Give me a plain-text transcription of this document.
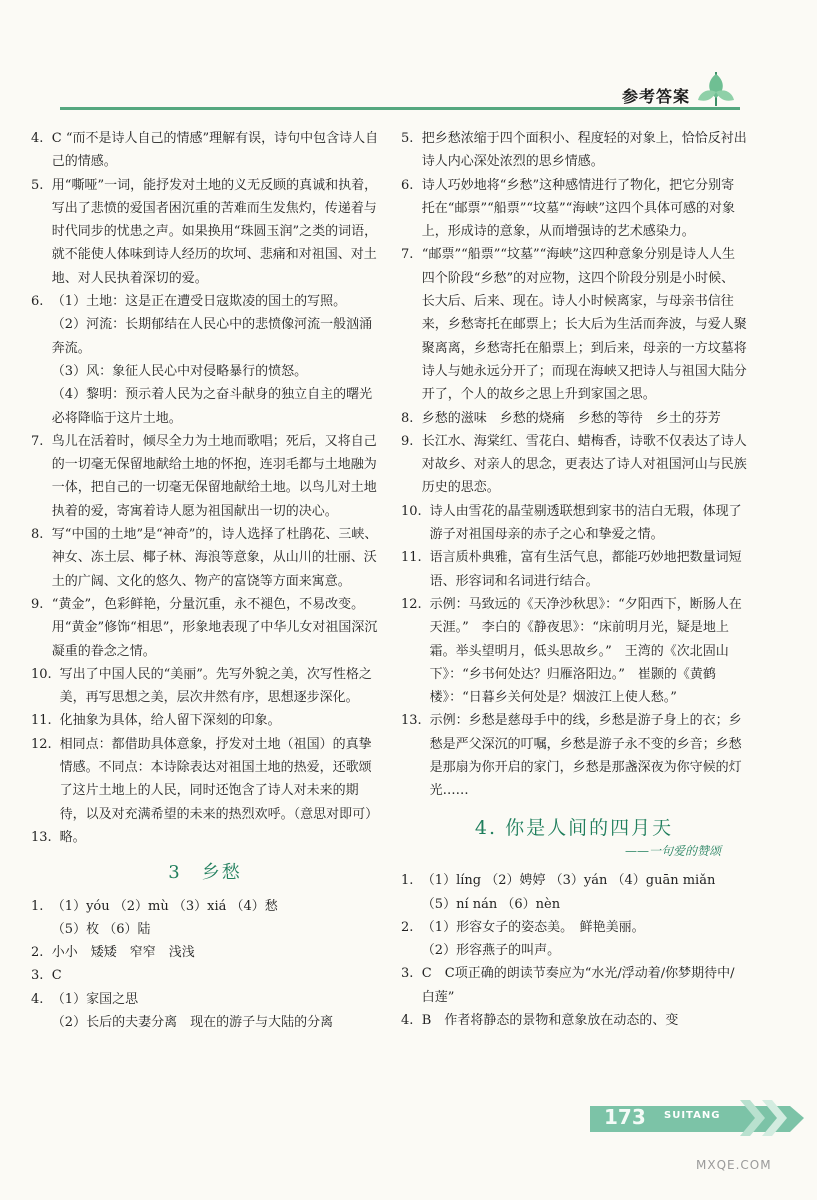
参考答案
4. C “而不是诗人自己的情感”理解有误，诗句中包含诗人自己的情感。
5. 用“嘶哑”一词，能抒发对土地的义无反顾的真诚和执着，写出了悲愤的爱国者困沉重的苦难而生发焦灼，传递着与时代同步的忧患之声。如果换用“珠圆玉润”之类的词语，就不能使人体味到诗人经历的坎坷、悲痛和对祖国、对土地、对人民执着深切的爱。
6. （1）土地：这是正在遭受日寇欺凌的国土的写照。
（2）河流：长期郁结在人民心中的悲愤像河流一般汹涌奔流。
（3）风：象征人民心中对侵略暴行的愤怒。
（4）黎明：预示着人民为之奋斗献身的独立自主的曙光必将降临于这片土地。
7. 鸟儿在活着时，倾尽全力为土地而歌唱；死后，又将自己的一切毫无保留地献给土地的怀抱，连羽毛都与土地融为一体，把自己的一切毫无保留地献给土地。以鸟儿对土地执着的爱，寄寓着诗人愿为祖国献出一切的决心。
8. 写“中国的土地”是“神奇”的，诗人选择了杜鹃花、三峡、神女、冻土层、椰子林、海浪等意象，从山川的壮丽、沃土的广阔、文化的悠久、物产的富饶等方面来寓意。
9. “黄金”，色彩鲜艳，分量沉重，永不褪色，不易改变。用“黄金”修饰“相思”，形象地表现了中华儿女对祖国深沉凝重的眷念之情。
10. 写出了中国人民的“美丽”。先写外貌之美，次写性格之美，再写思想之美，层次井然有序，思想逐步深化。
11. 化抽象为具体，给人留下深刻的印象。
12. 相同点：都借助具体意象，抒发对土地（祖国）的真挚情感。不同点：本诗除表达对祖国土地的热爱，还歌颂了这片土地上的人民，同时还饱含了诗人对未来的期待，以及对充满希望的未来的热烈欢呼。（意思对即可）
13. 略。
3　乡愁
1. （1）yóu （2）mù （3）xiá （4）愁
（5）枚 （6）陆
2. 小小　矮矮　窄窄　浅浅
3. C
4. （1）家国之思
（2）长后的夫妻分离　现在的游子与大陆的分离
5. 把乡愁浓缩于四个面积小、程度轻的对象上，恰恰反衬出诗人内心深处浓烈的思乡情感。
6. 诗人巧妙地将“乡愁”这种感情进行了物化，把它分别寄托在“邮票”“船票”“坟墓”“海峡”这四个具体可感的对象上，形成诗的意象，从而增强诗的艺术感染力。
7. “邮票”“船票”“坟墓”“海峡”这四种意象分别是诗人人生四个阶段“乡愁”的对应物，这四个阶段分别是小时候、长大后、后来、现在。诗人小时候离家，与母亲书信往来，乡愁寄托在邮票上；长大后为生活而奔波，与爱人聚聚离离，乡愁寄托在船票上；到后来，母亲的一方坟墓将诗人与她永远分开了；而现在海峡又把诗人与祖国大陆分开了，个人的故乡之思上升到家国之思。
8. 乡愁的滋味　乡愁的烧痛　乡愁的等待　乡土的芬芳
9. 长江水、海棠红、雪花白、蜡梅香，诗歌不仅表达了诗人对故乡、对亲人的思念，更表达了诗人对祖国河山与民族历史的思恋。
10. 诗人由雪花的晶莹剔透联想到家书的洁白无瑕，体现了游子对祖国母亲的赤子之心和挚爱之情。
11. 语言质朴典雅，富有生活气息，都能巧妙地把数量词短语、形容词和名词进行结合。
12. 示例：马致远的《天净沙秋思》：“夕阳西下，断肠人在天涯。”　李白的《静夜思》：“床前明月光，疑是地上霜。举头望明月，低头思故乡。”　王湾的《次北固山下》：“乡书何处达？归雁洛阳边。”　崔颢的《黄鹤楼》：“日暮乡关何处是？烟波江上使人愁。”
13. 示例：乡愁是慈母手中的线，乡愁是游子身上的衣；乡愁是严父深沉的叮嘱，乡愁是游子永不变的乡音；乡愁是那扇为你开启的家门，乡愁是那盏深夜为你守候的灯光……
4. 你是人间的四月天
——一句爱的赞颂
1. （1）líng （2）娉婷 （3）yán （4）guān miǎn
（5）ní nán （6）nèn
2. （1）形容女子的姿态美。　鲜艳美丽。
（2）形容燕子的叫声。
3. C　C项正确的朗读节奏应为“水光/浮动着/你梦期待中/白莲”
4. B　作者将静态的景物和意象放在动态的、变
173 SUITANG
MXQE.COM
